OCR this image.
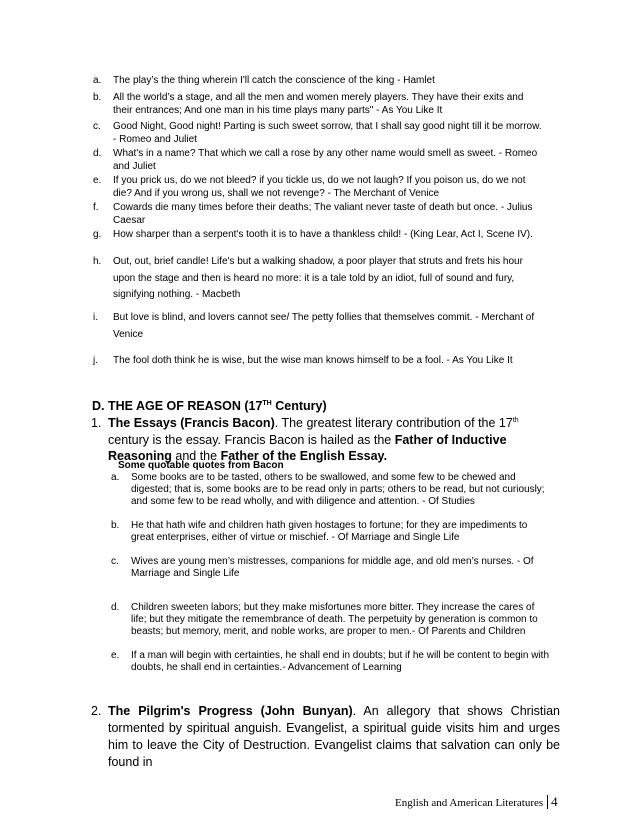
a. The play’s the thing wherein I'll catch the conscience of the king - Hamlet
b. All the world’s a stage, and all the men and women merely players. They have their exits and their entrances; And one man in his time plays many parts" - As You Like It
c. Good Night, Good night! Parting is such sweet sorrow, that I shall say good night till it be morrow. - Romeo and Juliet
d. What's in a name? That which we call a rose by any other name would smell as sweet. - Romeo and Juliet
e. If you prick us, do we not bleed? if you tickle us, do we not laugh? If you poison us, do we not die? And if you wrong us, shall we not revenge? - The Merchant of Venice
f. Cowards die many times before their deaths; The valiant never taste of death but once. - Julius Caesar
g. How sharper than a serpent's tooth it is to have a thankless child! - (King Lear, Act I, Scene IV).
h. Out, out, brief candle! Life's but a walking shadow, a poor player that struts and frets his hour upon the stage and then is heard no more: it is a tale told by an idiot, full of sound and fury, signifying nothing. - Macbeth
i. But love is blind, and lovers cannot see/ The petty follies that themselves commit. - Merchant of Venice
j. The fool doth think he is wise, but the wise man knows himself to be a fool. - As You Like It
D. THE AGE OF REASON (17TH Century)
1. The Essays (Francis Bacon). The greatest literary contribution of the 17th century is the essay. Francis Bacon is hailed as the Father of Inductive Reasoning and the Father of the English Essay.
Some quotable quotes from Bacon
a. Some books are to be tasted, others to be swallowed, and some few to be chewed and digested; that is, some books are to be read only in parts; others to be read, but not curiously; and some few to be read wholly, and with diligence and attention. - Of Studies
b. He that hath wife and children hath given hostages to fortune; for they are impediments to great enterprises, either of virtue or mischief. - Of Marriage and Single Life
c. Wives are young men’s mistresses, companions for middle age, and old men’s nurses. - Of Marriage and Single Life
d. Children sweeten labors; but they make misfortunes more bitter. They increase the cares of life; but they mitigate the remembrance of death. The perpetuity by generation is common to beasts; but memory, merit, and noble works, are proper to men.- Of Parents and Children
e. If a man will begin with certainties, he shall end in doubts; but if he will be content to begin with doubts, he shall end in certainties.- Advancement of Learning
2. The Pilgrim's Progress (John Bunyan). An allegory that shows Christian tormented by spiritual anguish. Evangelist, a spiritual guide visits him and urges him to leave the City of Destruction. Evangelist claims that salvation can only be found in
English and American Literatures 4
